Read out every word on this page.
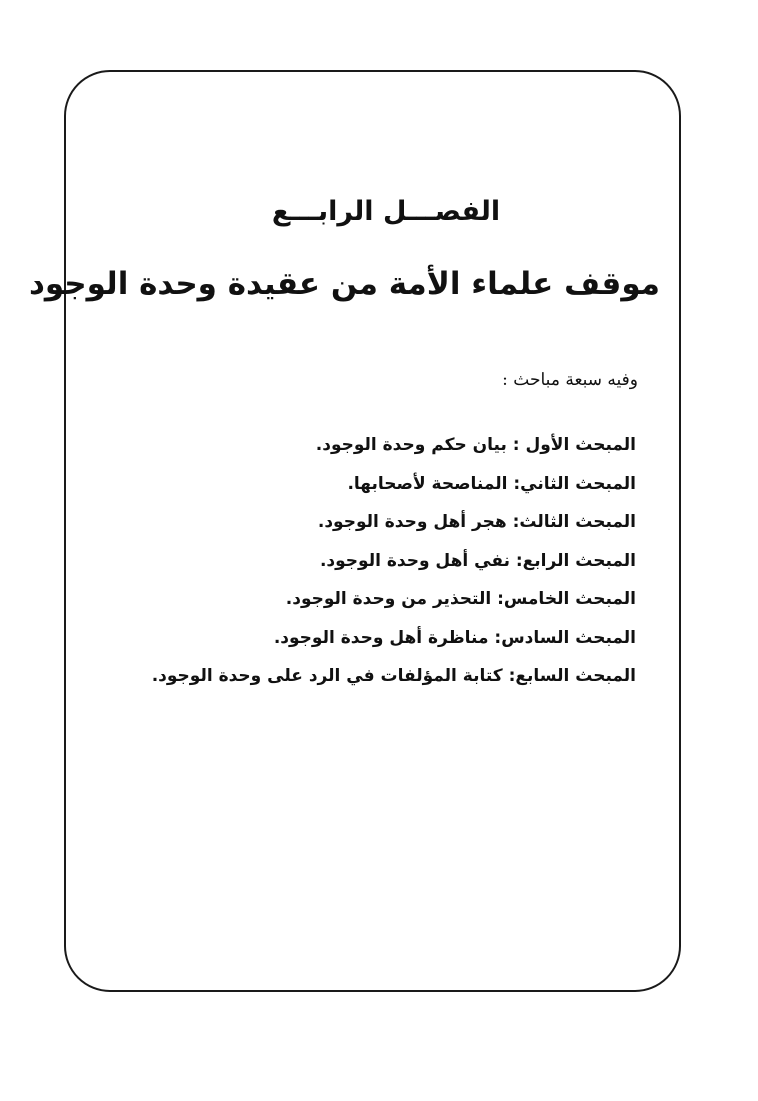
الفصـــل الرابـــع
موقف علماء الأمة من عقيدة وحدة الوجود
وفيه سبعة مباحث :
المبحث الأول : بيان حكم وحدة الوجود.
المبحث الثاني: المناصحة لأصحابها.
المبحث الثالث: هجر أهل وحدة الوجود.
المبحث الرابع: نفي أهل وحدة الوجود.
المبحث الخامس: التحذير من وحدة الوجود.
المبحث السادس: مناظرة أهل وحدة الوجود.
المبحث السابع: كتابة المؤلفات في الرد على وحدة الوجود.
